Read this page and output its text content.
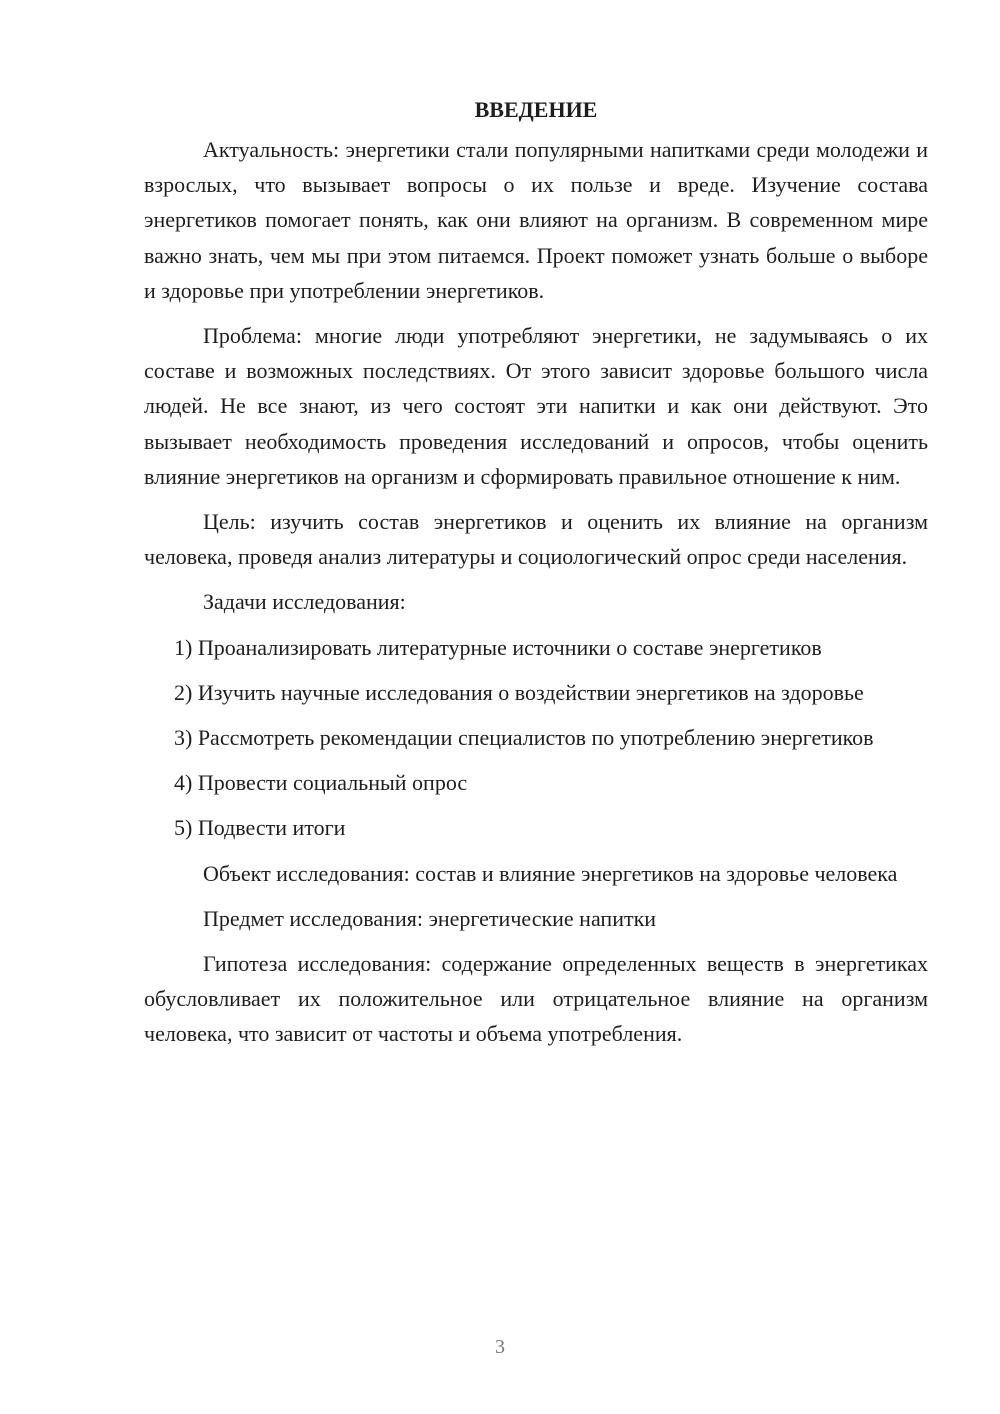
ВВЕДЕНИЕ

Актуальность: энергетики стали популярными напитками среди молодежи и взрослых, что вызывает вопросы о их пользе и вреде. Изучение состава энергетиков помогает понять, как они влияют на организм. В современном мире важно знать, чем мы при этом питаемся. Проект поможет узнать больше о выборе и здоровье при употреблении энергетиков.

Проблема: многие люди употребляют энергетики, не задумываясь о их составе и возможных последствиях. От этого зависит здоровье большого числа людей. Не все знают, из чего состоят эти напитки и как они действуют. Это вызывает необходимость проведения исследований и опросов, чтобы оценить влияние энергетиков на организм и сформировать правильное отношение к ним.

Цель: изучить состав энергетиков и оценить их влияние на организм человека, проведя анализ литературы и социологический опрос среди населения.

Задачи исследования:

1) Проанализировать литературные источники о составе энергетиков

2) Изучить научные исследования о воздействии энергетиков на здоровье

3) Рассмотреть рекомендации специалистов по употреблению энергетиков

4) Провести социальный опрос

5) Подвести итоги

Объект исследования: состав и влияние энергетиков на здоровье человека

Предмет исследования: энергетические напитки

Гипотеза исследования: содержание определенных веществ в энергетиках обусловливает их положительное или отрицательное влияние на организм человека, что зависит от частоты и объема употребления.

3
